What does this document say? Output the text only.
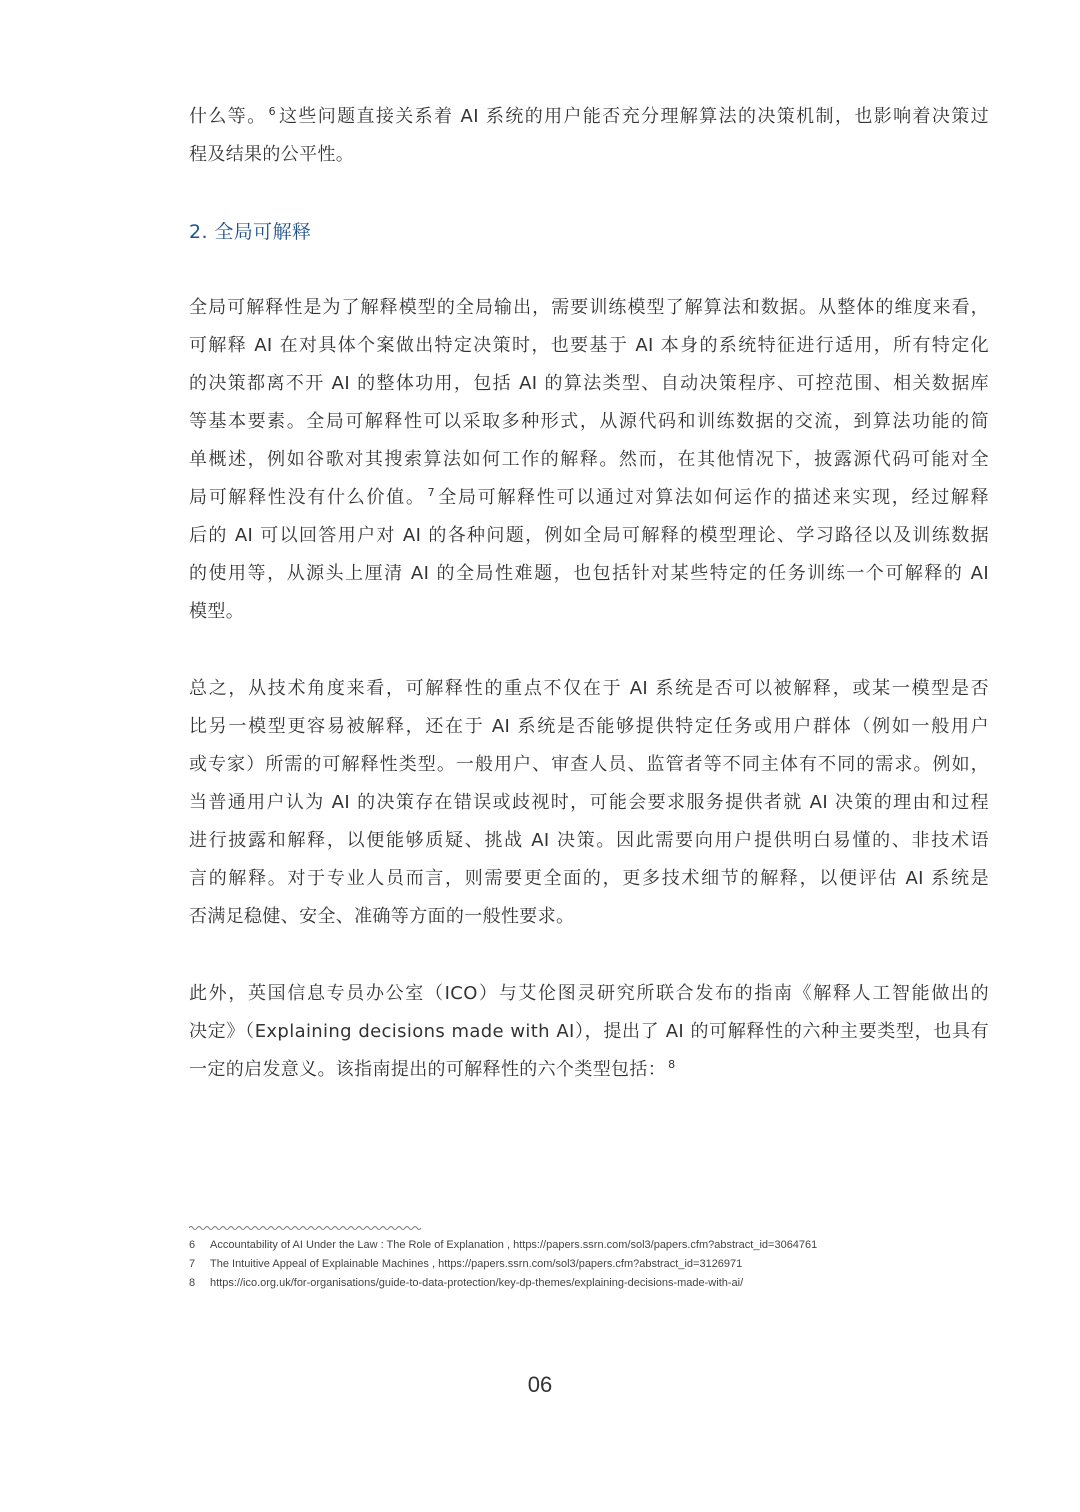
什么等。 $^6$ 这些问题直接关系着 AI 系统的用户能否充分理解算法的决策机制，也影响着决策过
程及结果的公平性。
2. 全局可解释
全局可解释性是为了解释模型的全局输出，需要训练模型了解算法和数据。从整体的维度来看，
可解释 AI 在对具体个案做出特定决策时，也要基于 AI 本身的系统特征进行适用，所有特定化
的决策都离不开 AI 的整体功用，包括 AI 的算法类型、自动决策程序、可控范围、相关数据库
等基本要素。全局可解释性可以采取多种形式，从源代码和训练数据的交流，到算法功能的简
单概述，例如谷歌对其搜索算法如何工作的解释。然而，在其他情况下，披露源代码可能对全
局可解释性没有什么价值。 $^7$ 全局可解释性可以通过对算法如何运作的描述来实现，经过解释
后的 AI 可以回答用户对 AI 的各种问题，例如全局可解释的模型理论、学习路径以及训练数据
的使用等，从源头上厘清 AI 的全局性难题，也包括针对某些特定的任务训练一个可解释的 AI
模型。
总之，从技术角度来看，可解释性的重点不仅在于 AI 系统是否可以被解释，或某一模型是否
比另一模型更容易被解释，还在于 AI 系统是否能够提供特定任务或用户群体（例如一般用户
或专家）所需的可解释性类型。一般用户、审查人员、监管者等不同主体有不同的需求。例如，
当普通用户认为 AI 的决策存在错误或歧视时，可能会要求服务提供者就 AI 决策的理由和过程
进行披露和解释，以便能够质疑、挑战 AI 决策。因此需要向用户提供明白易懂的、非技术语
言的解释。对于专业人员而言，则需要更全面的，更多技术细节的解释，以便评估 AI 系统是
否满足稳健、安全、准确等方面的一般性要求。
此外，英国信息专员办公室（ICO）与艾伦图灵研究所联合发布的指南《解释人工智能做出的
决定》（Explaining decisions made with AI），提出了 AI 的可解释性的六种主要类型，也具有
一定的启发意义。该指南提出的可解释性的六个类型包括： $^8$
6 Accountability of AI Under the Law : The Role of Explanation , https://papers.ssrn.com/sol3/papers.cfm?abstract_id=3064761
7 The Intuitive Appeal of Explainable Machines , https://papers.ssrn.com/sol3/papers.cfm?abstract_id=3126971
8 https://ico.org.uk/for-organisations/guide-to-data-protection/key-dp-themes/explaining-decisions-made-with-ai/
06
